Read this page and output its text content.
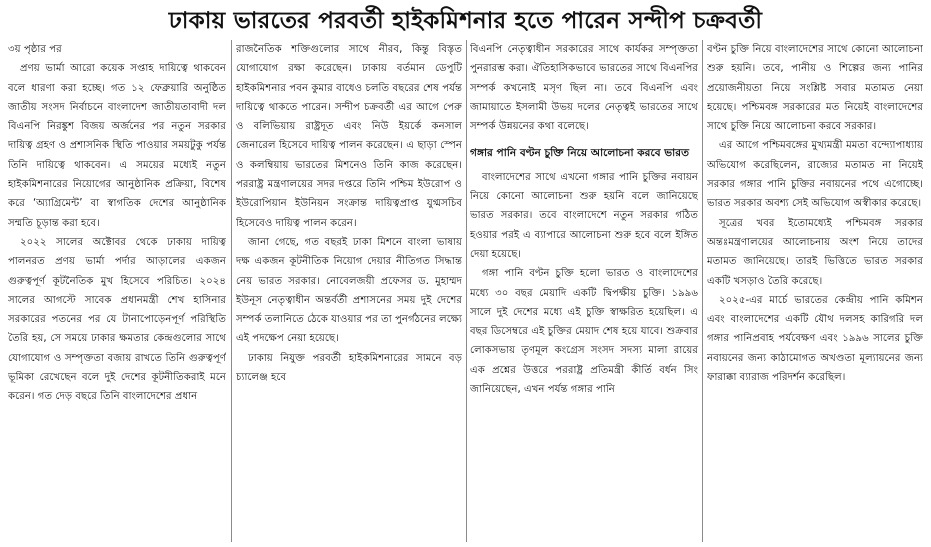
ঢাকায় ভারতের পরবর্তী হাইকমিশনার হতে পারেন সন্দীপ চক্রবর্তী

৩য় পৃষ্ঠার পর

প্রণয় ভার্মা আরো কয়েক সপ্তাহ দায়িত্বে থাকবেন বলে ধারণা করা হচ্ছে। গত ১২ ফেব্রুয়ারি অনুষ্ঠিত জাতীয় সংসদ নির্বাচনে বাংলাদেশ জাতীয়তাবাদী দল বিএনপি নিরঙ্কুশ বিজয় অর্জনের পর নতুন সরকার দায়িত্ব গ্রহণ ও প্রশাসনিক স্থিতি পাওয়ার সময়টুকু পর্যন্ত তিনি দায়িত্বে থাকবেন। এ সময়ের মধ্যেই নতুন হাইকমিশনারের নিয়োগের আনুষ্ঠানিক প্রক্রিয়া, বিশেষ করে ‘অ্যাগ্রিমেন্ট’ বা স্বাগতিক দেশের আনুষ্ঠানিক সম্মতি চূড়ান্ত করা হবে।

২০২২ সালের অক্টোবর থেকে ঢাকায় দায়িত্ব পালনরত প্রণয় ভার্মা পর্দার আড়ালের একজন গুরুত্বপূর্ণ কূটনৈতিক মুখ হিসেবে পরিচিত। ২০২৪ সালের আগস্টে সাবেক প্রধানমন্ত্রী শেখ হাসিনার সরকারের পতনের পর যে টানাপোড়েনপূর্ণ পরিস্থিতি তৈরি হয়, সে সময়ে ঢাকার ক্ষমতার কেন্দ্রগুলোর সাথে যোগাযোগ ও সম্পৃক্ততা বজায় রাখতে তিনি গুরুত্বপূর্ণ ভূমিকা রেখেছেন বলে দুই দেশের কূটনীতিকরাই মনে করেন। গত দেড় বছরে তিনি বাংলাদেশের প্রধান

রাজনৈতিক শক্তিগুলোর সাথে নীরব, কিন্তু বিস্তৃত যোগাযোগ রক্ষা করেছেন। ঢাকায় বর্তমান ডেপুটি হাইকমিশনার পবন কুমার বাধেও চলতি বছরের শেষ পর্যন্ত দায়িত্বে থাকতে পারেন। সন্দীপ চক্রবর্তী এর আগে পেরু ও বলিভিয়ায় রাষ্ট্রদূত এবং নিউ ইয়র্কে কনসাল জেনারেল হিসেবে দায়িত্ব পালন করেছেন। এ ছাড়া স্পেন ও কলম্বিয়ায় ভারতের মিশনেও তিনি কাজ করেছেন। পররাষ্ট্র মন্ত্রণালয়ের সদর দপ্তরে তিনি পশ্চিম ইউরোপ ও ইউরোপিয়ান ইউনিয়ন সংক্রান্ত দায়িত্বপ্রাপ্ত যুগ্মসচিব হিসেবেও দায়িত্ব পালন করেন।

জানা গেছে, গত বছরই ঢাকা মিশনে বাংলা ভাষায় দক্ষ একজন কূটনীতিক নিয়োগ দেয়ার নীতিগত সিদ্ধান্ত নেয় ভারত সরকার। নোবেলজয়ী প্রফেসর ড. মুহাম্মদ ইউনূস নেতৃত্বাধীন অন্তর্বর্তী প্রশাসনের সময় দুই দেশের সম্পর্ক তলানিতে ঠেকে যাওয়ার পর তা পুনর্গঠনের লক্ষ্যে এই পদক্ষেপ নেয়া হয়েছে।

ঢাকায় নিযুক্ত পরবর্তী হাইকমিশনারের সামনে বড় চ্যালেঞ্জ হবে

বিএনপি নেতৃত্বাধীন সরকারের সাথে কার্যকর সম্পৃক্ততা পুনরারম্ভ করা। ঐতিহাসিকভাবে ভারতের সাথে বিএনপির সম্পর্ক কখনোই মসৃণ ছিল না। তবে বিএনপি এবং জামায়াতে ইসলামী উভয় দলের নেতৃত্বই ভারতের সাথে সম্পর্ক উন্নয়নের কথা বলেছে।

গঙ্গার পানি বণ্টন চুক্তি নিয়ে আলোচনা করবে ভারত

বাংলাদেশের সাথে এখনো গঙ্গার পানি চুক্তির নবায়ন নিয়ে কোনো আলোচনা শুরু হয়নি বলে জানিয়েছে ভারত সরকার। তবে বাংলাদেশে নতুন সরকার গঠিত হওয়ার পরই এ ব্যাপারে আলোচনা শুরু হবে বলে ইঙ্গিত দেয়া হয়েছে।

গঙ্গা পানি বণ্টন চুক্তি হলো ভারত ও বাংলাদেশের মধ্যে ৩০ বছর মেয়াদি একটি দ্বিপক্ষীয় চুক্তি। ১৯৯৬ সালে দুই দেশের মধ্যে এই চুক্তি স্বাক্ষরিত হয়েছিল। এ বছর ডিসেম্বরে এই চুক্তির মেয়াদ শেষ হয়ে যাবে। শুক্রবার লোকসভায় তৃণমূল কংগ্রেস সংসদ সদস্য মালা রায়ের এক প্রশ্নের উত্তরে পররাষ্ট্র প্রতিমন্ত্রী কীর্তি বর্ধন সিং জানিয়েছেন, এখন পর্যন্ত গঙ্গার পানি

বণ্টন চুক্তি নিয়ে বাংলাদেশের সাথে কোনো আলোচনা শুরু হয়নি। তবে, পানীয় ও শিল্পের জন্য পানির প্রয়োজনীয়তা নিয়ে সংশ্লিষ্ট সবার মতামত নেয়া হয়েছে। পশ্চিমবঙ্গ সরকারের মত নিয়েই বাংলাদেশের সাথে চুক্তি নিয়ে আলোচনা করবে সরকার।

এর আগে পশ্চিমবঙ্গের মুখ্যমন্ত্রী মমতা বন্দ্যোপাধ্যায় অভিযোগ করেছিলেন, রাজ্যের মতামত না নিয়েই সরকার গঙ্গার পানি চুক্তির নবায়নের পথে এগোচ্ছে। ভারত সরকার অবশ্য সেই অভিযোগ অস্বীকার করেছে।

সূত্রের খবর ইতোমধ্যেই পশ্চিমবঙ্গ সরকার অন্তঃমন্ত্রণালয়ের আলোচনায় অংশ নিয়ে তাদের মতামত জানিয়েছে। তারই ভিত্তিতে ভারত সরকার একটি খসড়াও তৈরি করেছে।

২০২৫-এর মার্চে ভারতের কেন্দ্রীয় পানি কমিশন এবং বাংলাদেশের একটি যৌথ দলসহ কারিগরি দল গঙ্গার পানিপ্রবাহ পর্যবেক্ষণ এবং ১৯৯৬ সালের চুক্তি নবায়নের জন্য কাঠামোগত অখণ্ডতা মূল্যায়নের জন্য ফারাক্কা ব্যারাজ পরিদর্শন করেছিল।
